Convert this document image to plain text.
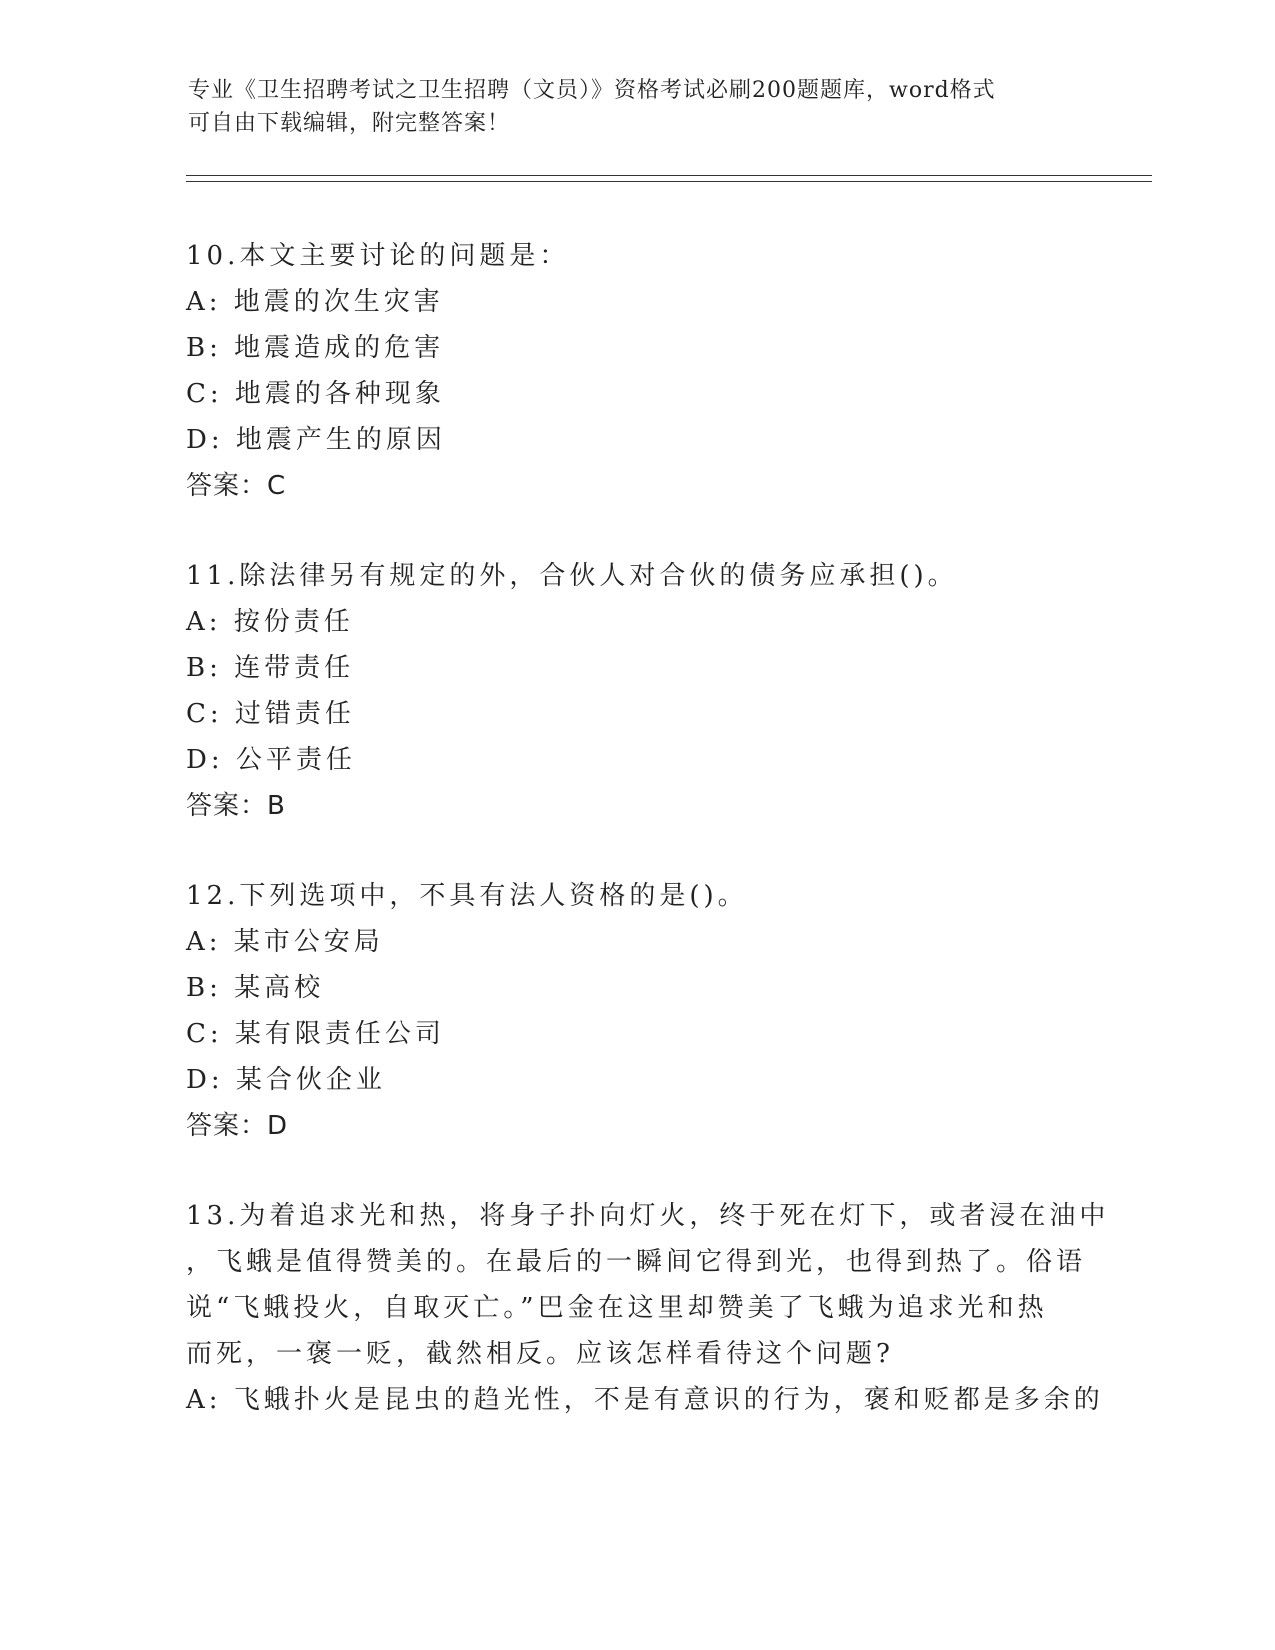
专业《卫生招聘考试之卫生招聘（文员）》资格考试必刷200题题库，word格式
可自由下载编辑，附完整答案！
10.本文主要讨论的问题是：
A: 地震的次生灾害
B: 地震造成的危害
C: 地震的各种现象
D: 地震产生的原因
答案：C
11.除法律另有规定的外，合伙人对合伙的债务应承担()。
A: 按份责任
B: 连带责任
C: 过错责任
D: 公平责任
答案：B
12.下列选项中，不具有法人资格的是()。
A: 某市公安局
B: 某高校
C: 某有限责任公司
D: 某合伙企业
答案：D
13.为着追求光和热，将身子扑向灯火，终于死在灯下，或者浸在油中
，飞蛾是值得赞美的。在最后的一瞬间它得到光，也得到热了。俗语
说“飞蛾投火，自取灭亡。”巴金在这里却赞美了飞蛾为追求光和热
而死，一褒一贬，截然相反。应该怎样看待这个问题?
A: 飞蛾扑火是昆虫的趋光性，不是有意识的行为，褒和贬都是多余的
